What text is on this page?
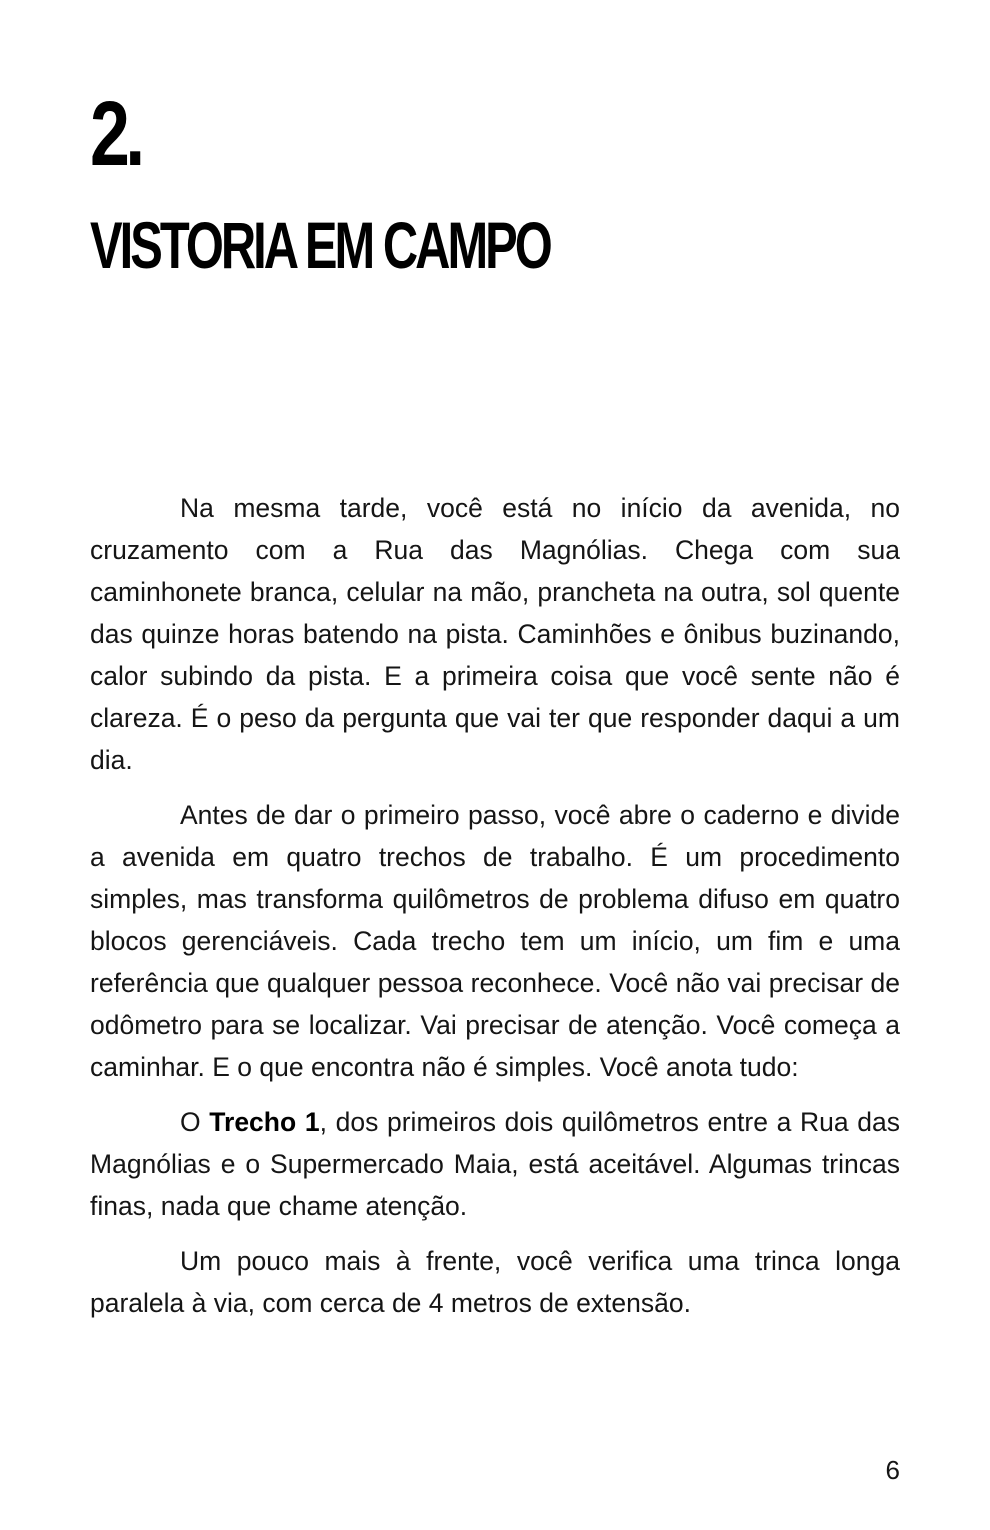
2.
VISTORIA EM CAMPO

Na mesma tarde, você está no início da avenida, no cruzamento com a Rua das Magnólias. Chega com sua caminhonete branca, celular na mão, prancheta na outra, sol quente das quinze horas batendo na pista. Caminhões e ônibus buzinando, calor subindo da pista. E a primeira coisa que você sente não é clareza. É o peso da pergunta que vai ter que responder daqui a um dia.

Antes de dar o primeiro passo, você abre o caderno e divide a avenida em quatro trechos de trabalho. É um procedimento simples, mas transforma quilômetros de problema difuso em quatro blocos gerenciáveis. Cada trecho tem um início, um fim e uma referência que qualquer pessoa reconhece. Você não vai precisar de odômetro para se localizar. Vai precisar de atenção. Você começa a caminhar. E o que encontra não é simples. Você anota tudo:

O Trecho 1, dos primeiros dois quilômetros entre a Rua das Magnólias e o Supermercado Maia, está aceitável. Algumas trincas finas, nada que chame atenção.

Um pouco mais à frente, você verifica uma trinca longa paralela à via, com cerca de 4 metros de extensão.

6
